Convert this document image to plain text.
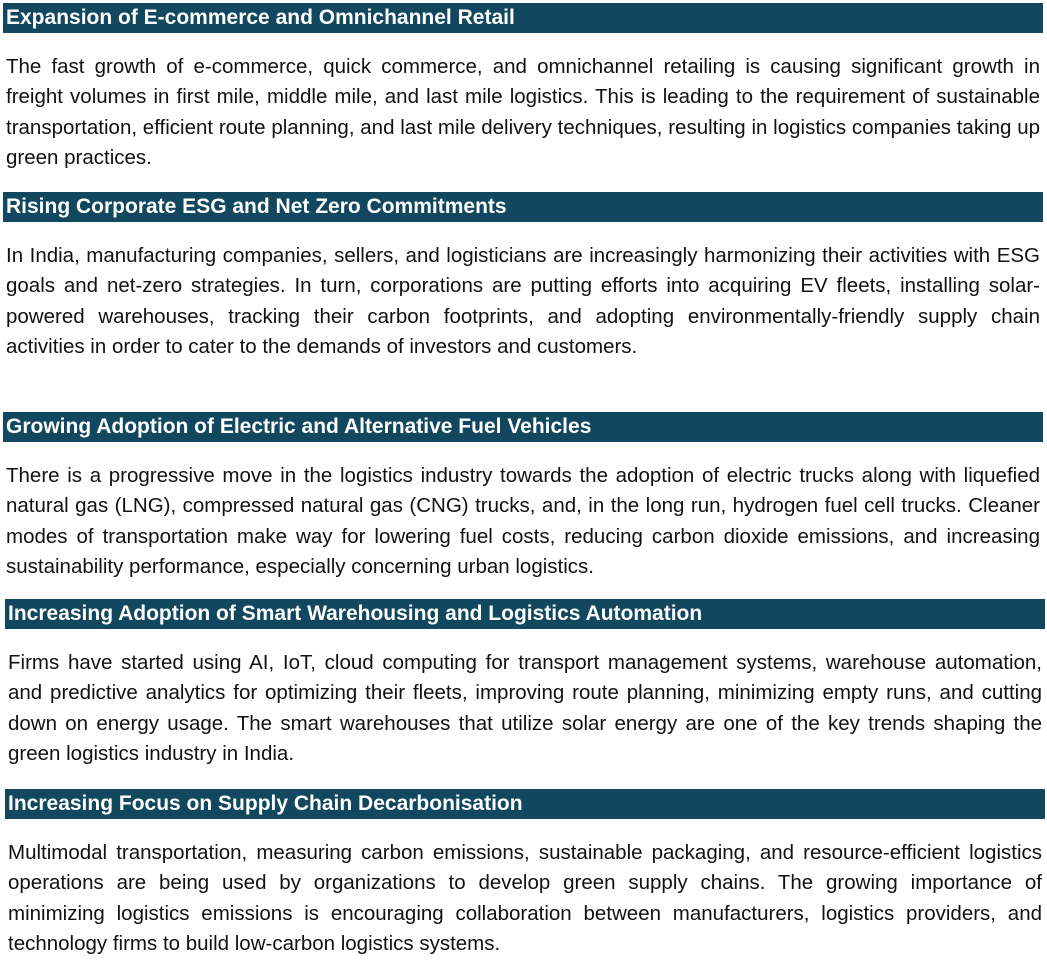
Expansion of E-commerce and Omnichannel Retail

The fast growth of e-commerce, quick commerce, and omnichannel retailing is causing significant growth in freight volumes in first mile, middle mile, and last mile logistics. This is leading to the requirement of sustainable transportation, efficient route planning, and last mile delivery techniques, resulting in logistics companies taking up green practices.

Rising Corporate ESG and Net Zero Commitments

In India, manufacturing companies, sellers, and logisticians are increasingly harmonizing their activities with ESG goals and net-zero strategies. In turn, corporations are putting efforts into acquiring EV fleets, installing solar-powered warehouses, tracking their carbon footprints, and adopting environmentally-friendly supply chain activities in order to cater to the demands of investors and customers.

Growing Adoption of Electric and Alternative Fuel Vehicles

There is a progressive move in the logistics industry towards the adoption of electric trucks along with liquefied natural gas (LNG), compressed natural gas (CNG) trucks, and, in the long run, hydrogen fuel cell trucks. Cleaner modes of transportation make way for lowering fuel costs, reducing carbon dioxide emissions, and increasing sustainability performance, especially concerning urban logistics.

Increasing Adoption of Smart Warehousing and Logistics Automation

Firms have started using AI, IoT, cloud computing for transport management systems, warehouse automation, and predictive analytics for optimizing their fleets, improving route planning, minimizing empty runs, and cutting down on energy usage. The smart warehouses that utilize solar energy are one of the key trends shaping the green logistics industry in India.

Increasing Focus on Supply Chain Decarbonisation

Multimodal transportation, measuring carbon emissions, sustainable packaging, and resource-efficient logistics operations are being used by organizations to develop green supply chains. The growing importance of minimizing logistics emissions is encouraging collaboration between manufacturers, logistics providers, and technology firms to build low-carbon logistics systems.
